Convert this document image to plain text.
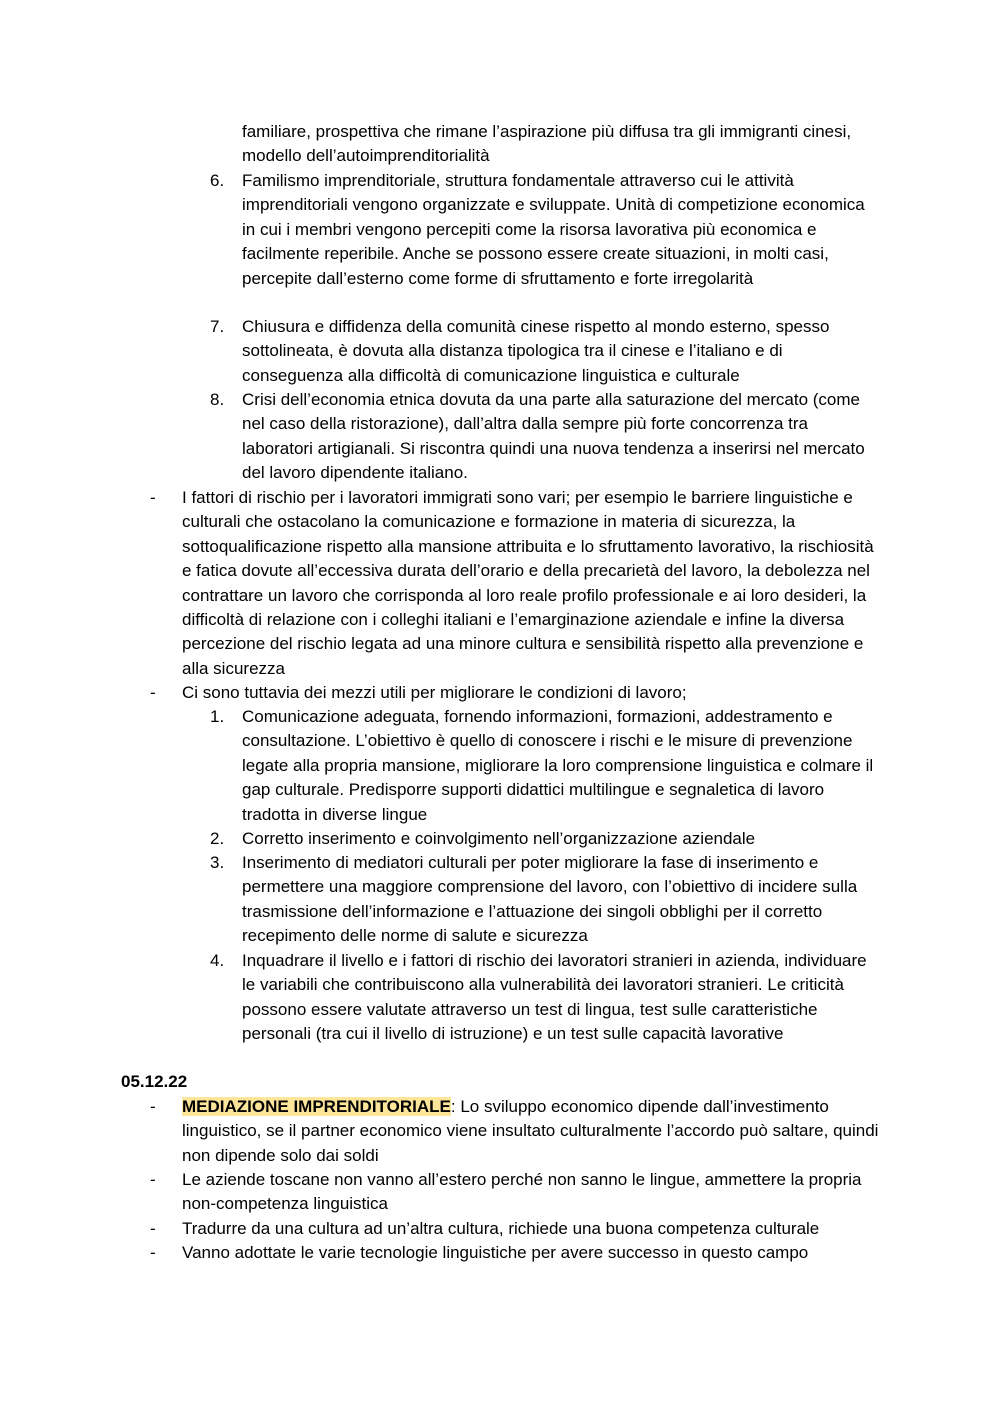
familiare, prospettiva che rimane l’aspirazione più diffusa tra gli immigranti cinesi, modello dell’autoimprenditorialità
6.	Familismo imprenditoriale, struttura fondamentale attraverso cui le attività imprenditoriali vengono organizzate e sviluppate. Unità di competizione economica in cui i membri vengono percepiti come la risorsa lavorativa più economica e facilmente reperibile. Anche se possono essere create situazioni, in molti casi, percepite dall’esterno come forme di sfruttamento e forte irregolarità
7.	Chiusura e diffidenza della comunità cinese rispetto al mondo esterno, spesso sottolineata, è dovuta alla distanza tipologica tra il cinese e l’italiano e di conseguenza alla difficoltà di comunicazione linguistica e culturale
8.	Crisi dell’economia etnica dovuta da una parte alla saturazione del mercato (come nel caso della ristorazione), dall’altra dalla sempre più forte concorrenza tra laboratori artigianali. Si riscontra quindi una nuova tendenza a inserirsi nel mercato del lavoro dipendente italiano.
-	I fattori di rischio per i lavoratori immigrati sono vari; per esempio le barriere linguistiche e culturali che ostacolano la comunicazione e formazione in materia di sicurezza, la sottoqualificazione rispetto alla mansione attribuita e lo sfruttamento lavorativo, la rischiosità e fatica dovute all’eccessiva durata dell’orario e della precarietà del lavoro, la debolezza nel contrattare un lavoro che corrisponda al loro reale profilo professionale e ai loro desideri, la difficoltà di relazione con i colleghi italiani e l’emarginazione aziendale e infine la diversa percezione del rischio legata ad una minore cultura e sensibilità rispetto alla prevenzione e alla sicurezza
-	Ci sono tuttavia dei mezzi utili per migliorare le condizioni di lavoro;
1.	Comunicazione adeguata, fornendo informazioni, formazioni, addestramento e consultazione. L’obiettivo è quello di conoscere i rischi e le misure di prevenzione legate alla propria mansione, migliorare la loro comprensione linguistica e colmare il gap culturale. Predisporre supporti didattici multilingue e segnaletica di lavoro tradotta in diverse lingue
2.	Corretto inserimento e coinvolgimento nell’organizzazione aziendale
3.	Inserimento di mediatori culturali per poter migliorare la fase di inserimento e permettere una maggiore comprensione del lavoro, con l’obiettivo di incidere sulla trasmissione dell’informazione e l’attuazione dei singoli obblighi per il corretto recepimento delle norme di salute e sicurezza
4.	Inquadrare il livello e i fattori di rischio dei lavoratori stranieri in azienda, individuare le variabili che contribuiscono alla vulnerabilità dei lavoratori stranieri. Le criticità possono essere valutate attraverso un test di lingua, test sulle caratteristiche personali (tra cui il livello di istruzione) e un test sulle capacità lavorative
05.12.22
-	MEDIAZIONE IMPRENDITORIALE: Lo sviluppo economico dipende dall’investimento linguistico, se il partner economico viene insultato culturalmente l’accordo può saltare, quindi non dipende solo dai soldi
-	Le aziende toscane non vanno all’estero perché non sanno le lingue, ammettere la propria non-competenza linguistica
-	Tradurre da una cultura ad un’altra cultura, richiede una buona competenza culturale
-	Vanno adottate le varie tecnologie linguistiche per avere successo in questo campo
